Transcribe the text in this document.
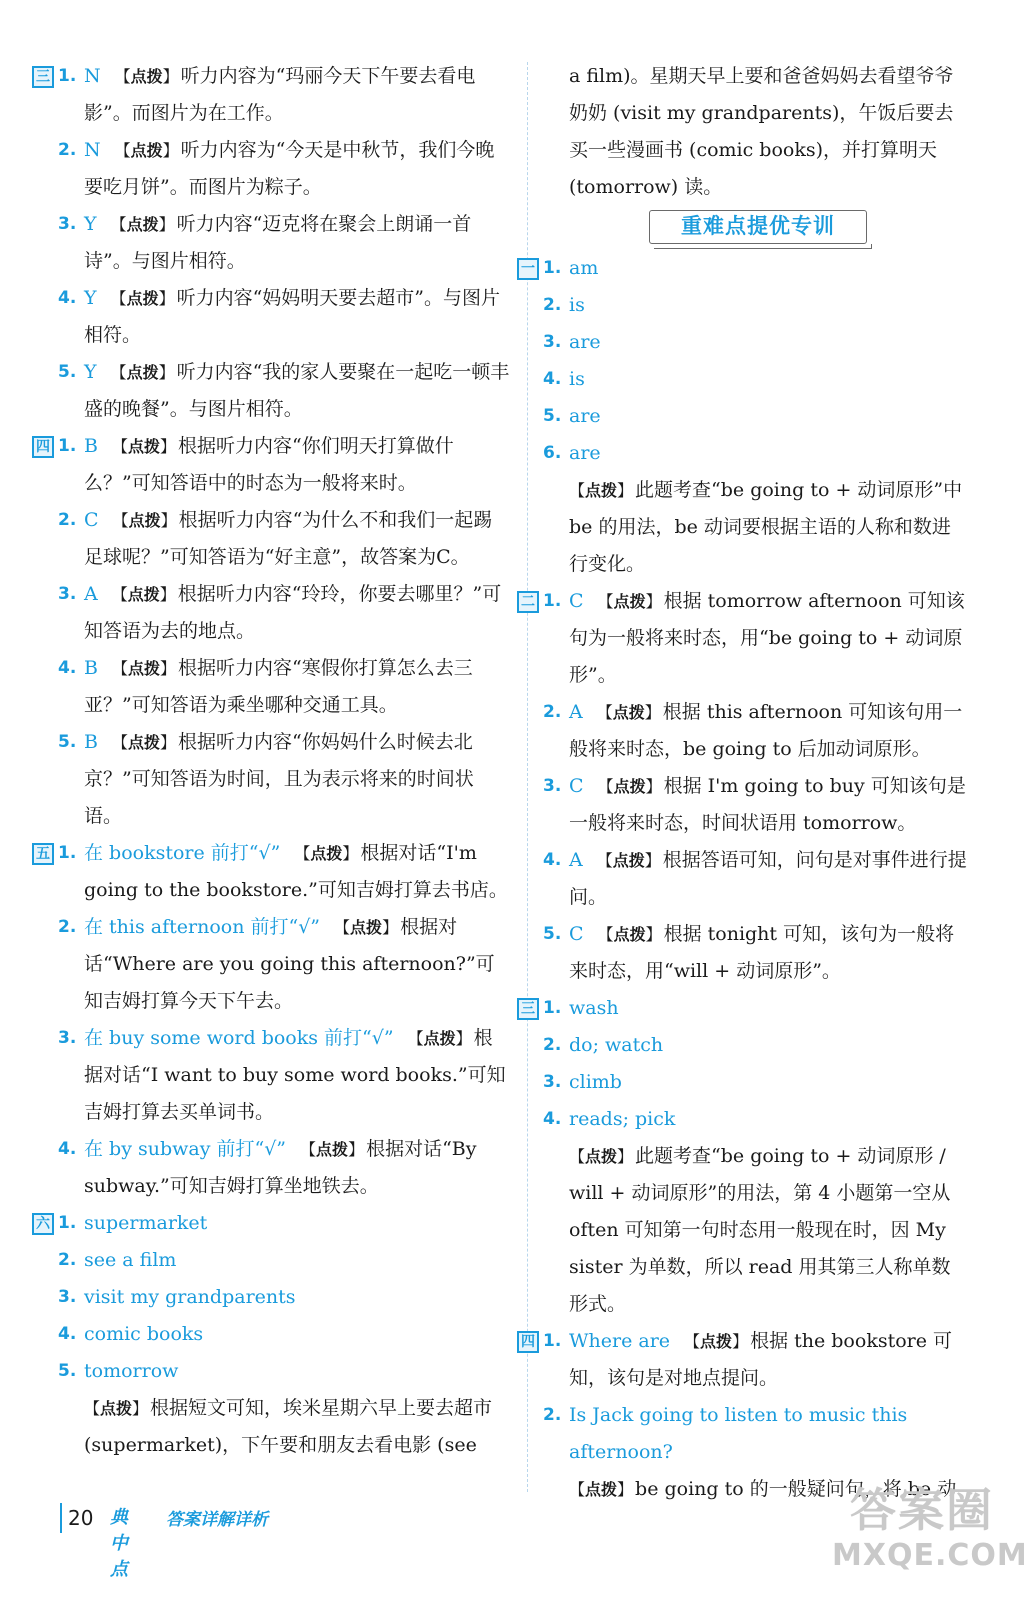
三 1. N 【 点拨 】 听力内容为“玛丽今天下午要去看电影”。而图片为在工作。
2. N 【 点拨 】 听力内容为“今天是中秋节，我们今晚要吃月饼”。而图片为粽子。
3. Y 【 点拨 】 听力内容“迈克将在聚会上朗诵一首诗”。与图片相符。
4. Y 【 点拨 】 听力内容“妈妈明天要去超市”。与图片相符。
5. Y 【 点拨 】 听力内容“我的家人要聚在一起吃一顿丰盛的晚餐”。与图片相符。
四 1. B 【 点拨 】 根据听力内容“你们明天打算做什么？”可知答语中的时态为一般将来时。
2. C 【 点拨 】 根据听力内容“为什么不和我们一起踢足球呢？”可知答语为“好主意”，故答案为C。
3. A 【 点拨 】 根据听力内容“玲玲，你要去哪里？”可知答语为去的地点。
4. B 【 点拨 】 根据听力内容“寒假你打算怎么去三亚？”可知答语为乘坐哪种交通工具。
5. B 【 点拨 】 根据听力内容“你妈妈什么时候去北京？”可知答语为时间，且为表示将来的时间状语。
五 1. 在 bookstore 前打“√” 【 点拨 】 根据对话“I'm going to the bookstore.”可知吉姆打算去书店。
2. 在 this afternoon 前打“√” 【 点拨 】 根据对话“Where are you going this afternoon?”可知吉姆打算今天下午去。
3. 在 buy some word books 前打“√” 【 点拨 】 根据对话“I want to buy some word books.”可知吉姆打算去买单词书。
4. 在 by subway 前打“√” 【 点拨 】 根据对话“By subway.”可知吉姆打算坐地铁去。
六 1. supermarket
2. see a film
3. visit my grandparents
4. comic books
5. tomorrow
【 点拨 】 根据短文可知，埃米星期六早上要去超市 (supermarket)，下午要和朋友去看电影 (see
a film)。星期天早上要和爸爸妈妈去看望爷爷奶奶 (visit my grandparents)，午饭后要去买一些漫画书 (comic books)，并打算明天 (tomorrow) 读。
重难点提优专训
一 1. am
2. is
3. are
4. is
5. are
6. are
【 点拨 】 此题考查“be going to + 动词原形”中 be 的用法，be 动词要根据主语的人称和数进行变化。
二 1. C 【 点拨 】 根据 tomorrow afternoon 可知该句为一般将来时态，用“be going to + 动词原形”。
2. A 【 点拨 】 根据 this afternoon 可知该句用一般将来时态，be going to 后加动词原形。
3. C 【 点拨 】 根据 I'm going to buy 可知该句是一般将来时态，时间状语用 tomorrow。
4. A 【 点拨 】 根据答语可知，问句是对事件进行提问。
5. C 【 点拨 】 根据 tonight 可知，该句为一般将来时态，用“will + 动词原形”。
三 1. wash
2. do; watch
3. climb
4. reads; pick
【 点拨 】 此题考查“be going to + 动词原形 / will + 动词原形”的用法，第 4 小题第一空从 often 可知第一句时态用一般现在时，因 My sister 为单数，所以 read 用其第三人称单数形式。
四 1. Where are 【 点拨 】 根据 the bookstore 可知，该句是对地点提问。
2. Is Jack going to listen to music this afternoon?
【 点拨 】 be going to 的一般疑问句，将 be 动
20 典中点
答案详解详析	答案圈
MXQE.COM
